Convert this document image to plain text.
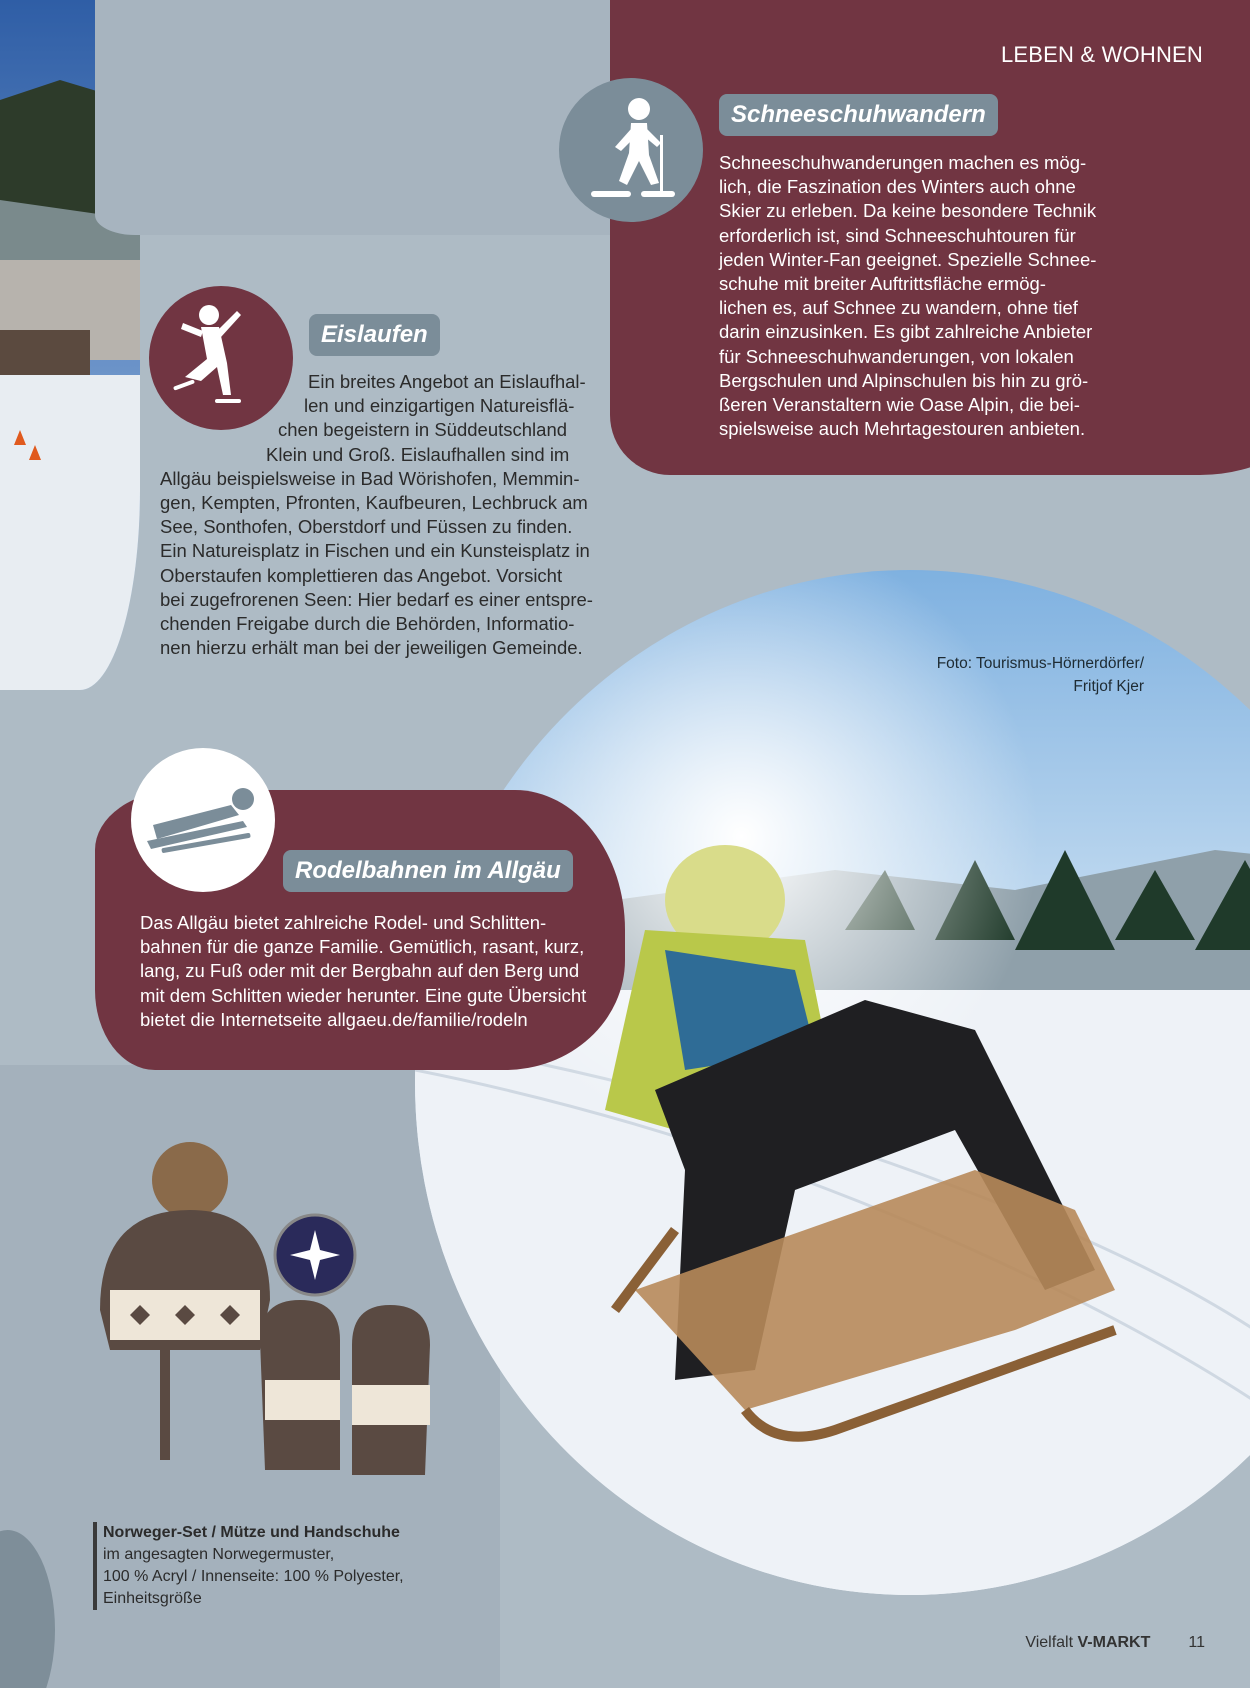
LEBEN & WOHNEN
Schneeschuhwandern
Schneeschuhwanderungen machen es mög-
lich, die Faszination des Winters auch ohne
Skier zu erleben. Da keine besondere Technik
erforderlich ist, sind Schneeschuhtouren für
jeden Winter-Fan geeignet. Spezielle Schnee-
schuhe mit breiter Auftrittsfläche ermög-
lichen es, auf Schnee zu wandern, ohne tief
darin einzusinken. Es gibt zahlreiche Anbieter
für Schneeschuhwanderungen, von lokalen
Bergschulen und Alpinschulen bis hin zu grö-
ßeren Veranstaltern wie Oase Alpin, die bei-
spielsweise auch Mehrtagestouren anbieten.
Eislaufen
Ein breites Angebot an Eislaufhal-
len und einzigartigen Natureisflä-
chen begeistern in Süddeutschland
Klein und Groß. Eislaufhallen sind im
Allgäu beispielsweise in Bad Wörishofen, Memmin-
gen, Kempten, Pfronten, Kaufbeuren, Lechbruck am
See, Sonthofen, Oberstdorf und Füssen zu finden.
Ein Natureisplatz in Fischen und ein Kunsteisplatz in
Oberstaufen komplettieren das Angebot. Vorsicht
bei zugefrorenen Seen: Hier bedarf es einer entspre-
chenden Freigabe durch die Behörden, Informatio-
nen hierzu erhält man bei der jeweiligen Gemeinde.
Foto: Tourismus-Hörnerdörfer/
Fritjof Kjer
Rodelbahnen im Allgäu
Das Allgäu bietet zahlreiche Rodel- und Schlitten-
bahnen für die ganze Familie. Gemütlich, rasant, kurz,
lang, zu Fuß oder mit der Bergbahn auf den Berg und
mit dem Schlitten wieder herunter. Eine gute Übersicht
bietet die Internetseite allgaeu.de/familie/rodeln
Norweger-Set / Mütze und Handschuhe
im angesagten Norwegermuster,
100 % Acryl / Innenseite: 100 % Polyester,
Einheitsgröße
Vielfalt V-MARKT 11
